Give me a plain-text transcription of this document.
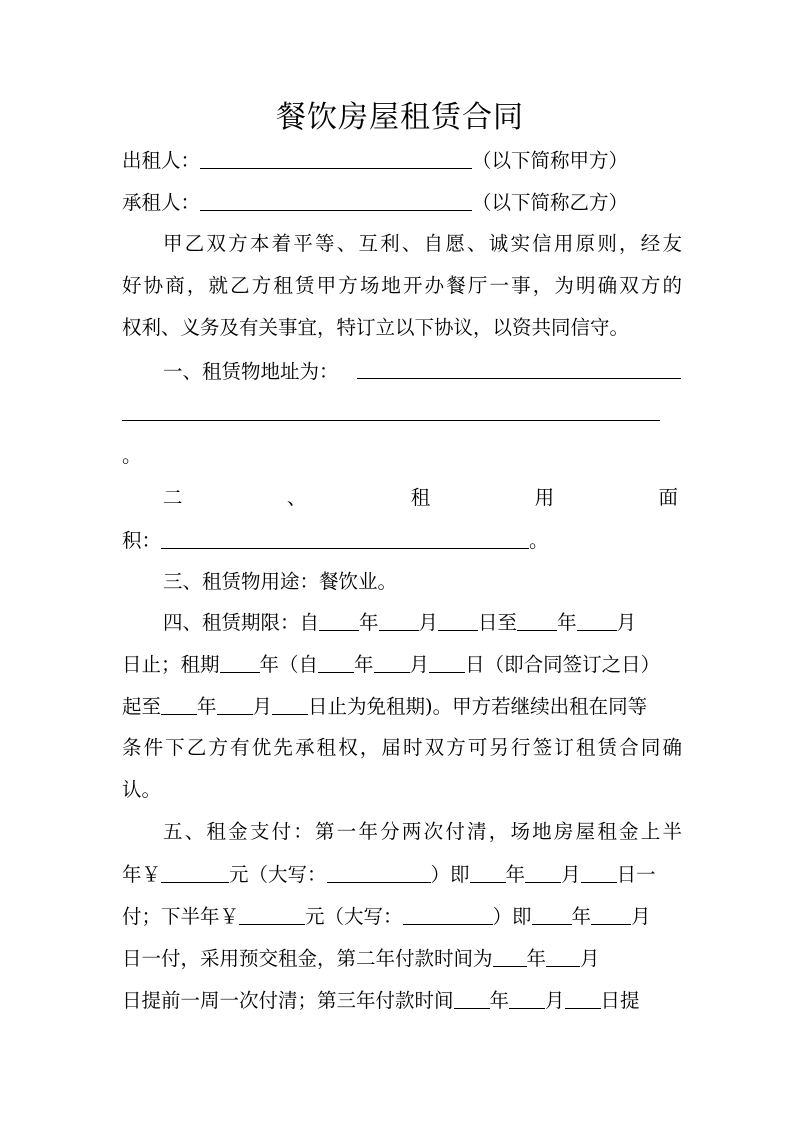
餐饮房屋租赁合同
出租人：	（以下简称甲方）
承租人：	（以下简称乙方）
甲乙双方本着平等、互利、自愿、诚实信用原则，经友
好协商，就乙方租赁甲方场地开办餐厅一事，为明确双方的
权利、义务及有关事宜，特订立以下协议，以资共同信守。
一、租赁物地址为：
。
二	、	租	用	面
积：	。
三、租赁物用途：餐饮业。
四、租赁期限：自 年 月 日至 年 月
日止；租期 年（自 年 月 日（即合同签订之日）
起至 年 月 日止为免租期)。甲方若继续出租在同等
条件下乙方有优先承租权，届时双方可另行签订租赁合同确
认。
五、租金支付：第一年分两次付清，场地房屋租金上半
年￥	元（大写：	）即 年 月 日一
付；下半年￥	元（大写：	）即 年 月
日一付，采用预交租金，第二年付款时间为 年 月
日提前一周一次付清；第三年付款时间 年 月 日提
